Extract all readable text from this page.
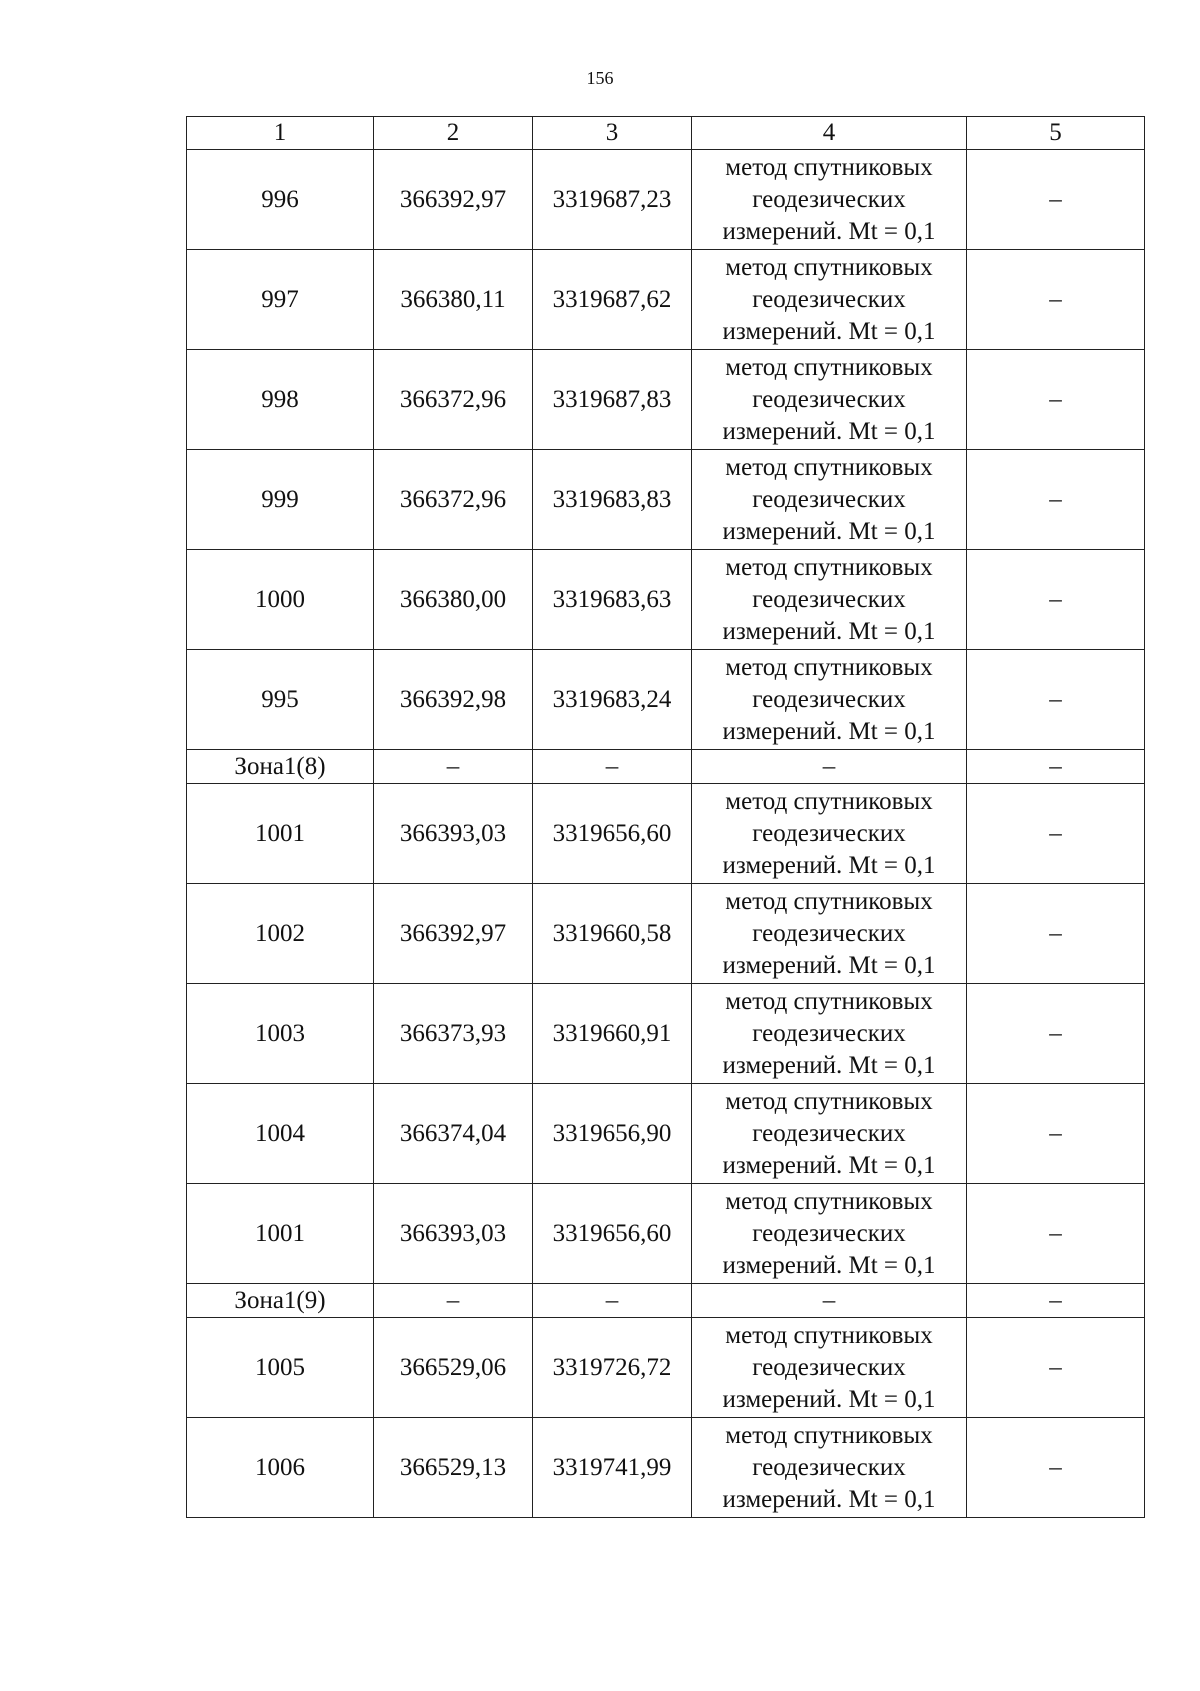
156
1	2	3	4	5
996	366392,97	3319687,23	метод спутниковых
геодезических
измерений. Mt = 0,1	–
997	366380,11	3319687,62	метод спутниковых
геодезических
измерений. Mt = 0,1	–
998	366372,96	3319687,83	метод спутниковых
геодезических
измерений. Mt = 0,1	–
999	366372,96	3319683,83	метод спутниковых
геодезических
измерений. Mt = 0,1	–
1000	366380,00	3319683,63	метод спутниковых
геодезических
измерений. Mt = 0,1	–
995	366392,98	3319683,24	метод спутниковых
геодезических
измерений. Mt = 0,1	–
Зона1(8)	–	–	–	–
1001	366393,03	3319656,60	метод спутниковых
геодезических
измерений. Mt = 0,1	–
1002	366392,97	3319660,58	метод спутниковых
геодезических
измерений. Mt = 0,1	–
1003	366373,93	3319660,91	метод спутниковых
геодезических
измерений. Mt = 0,1	–
1004	366374,04	3319656,90	метод спутниковых
геодезических
измерений. Mt = 0,1	–
1001	366393,03	3319656,60	метод спутниковых
геодезических
измерений. Mt = 0,1	–
Зона1(9)	–	–	–	–
1005	366529,06	3319726,72	метод спутниковых
геодезических
измерений. Mt = 0,1	–
1006	366529,13	3319741,99	метод спутниковых
геодезических
измерений. Mt = 0,1	–
